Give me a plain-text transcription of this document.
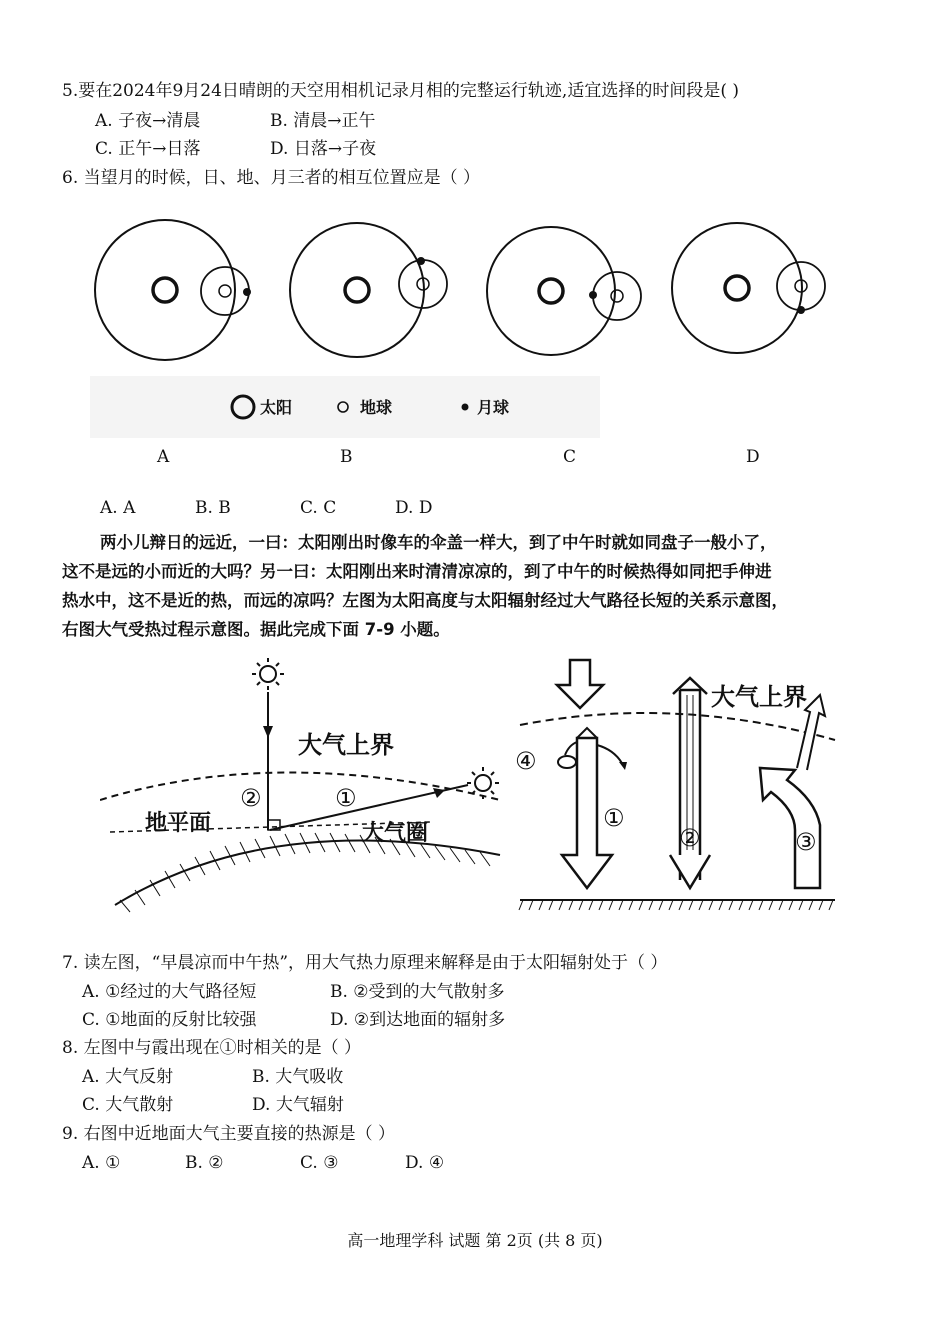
5.要在2024年9月24日晴朗的天空用相机记录月相的完整运行轨迹,适宜选择的时间段是( )
A. 子夜→清晨	B. 清晨→正午
C. 正午→日落	D. 日落→子夜
6. 当望月的时候，日、地、月三者的相互位置应是（ ）
太阳	地球	月球
A	B	C	D
A. A	B. B	C. C	D. D
两小儿辩日的远近，一曰：太阳刚出时像车的伞盖一样大，到了中午时就如同盘子一般小了，
这不是远的小而近的大吗？另一曰：太阳刚出来时清清凉凉的，到了中午的时候热得如同把手伸进
热水中，这不是近的热，而远的凉吗？左图为太阳高度与太阳辐射经过大气路径长短的关系示意图，
右图大气受热过程示意图。据此完成下面 7-9 小题。
大气上界
地平面	大气圈
②	①
大气上界
①
②	③
④
7. 读左图，“早晨凉而中午热”，用大气热力原理来解释是由于太阳辐射处于（ ）
A. ①经过的大气路径短	B. ②受到的大气散射多
C. ①地面的反射比较强	D. ②到达地面的辐射多
8. 左图中与霞出现在①时相关的是（ ）
A. 大气反射	B. 大气吸收
C. 大气散射	D. 大气辐射
9. 右图中近地面大气主要直接的热源是（ ）
A. ①	B. ②	C. ③	D. ④
高一地理学科 试题 第 2页 (共 8 页)
